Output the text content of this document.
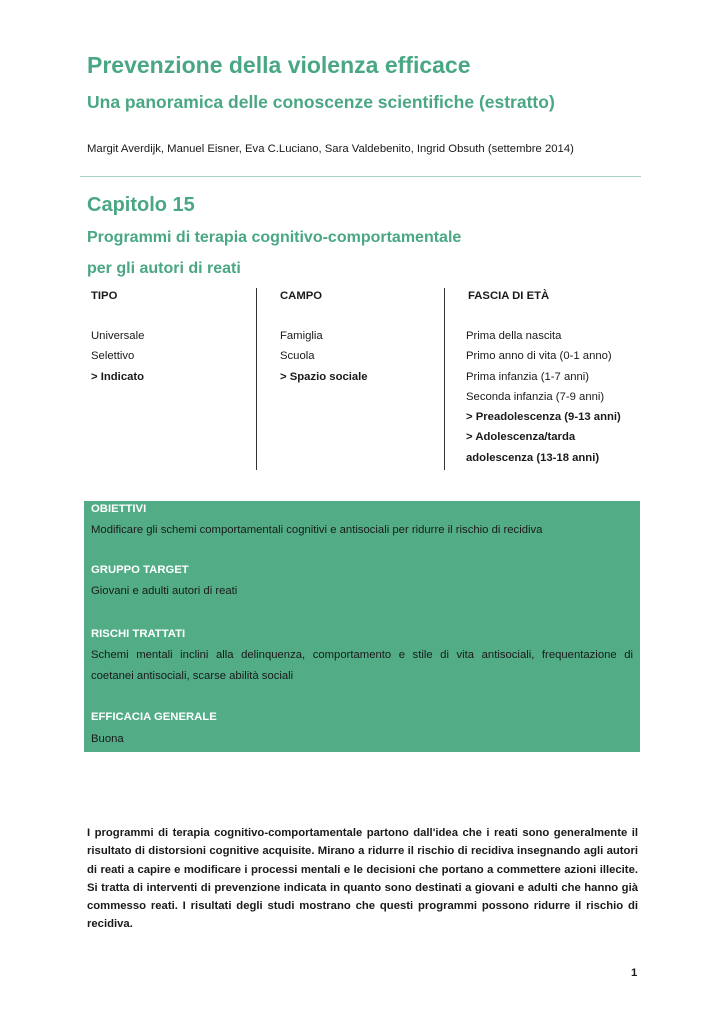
Prevenzione della violenza efficace
Una panoramica delle conoscenze scientifiche (estratto)
Margit Averdijk, Manuel Eisner, Eva C.Luciano, Sara Valdebenito, Ingrid Obsuth (settembre 2014)
Capitolo 15
Programmi di terapia cognitivo-comportamentale
per gli autori di reati
TIPO	CAMPO	FASCIA DI ETÀ
Universale
Selettivo
> Indicato
Famiglia
Scuola
> Spazio sociale
Prima della nascita
Primo anno di vita (0-1 anno)
Prima infanzia (1-7 anni)
Seconda infanzia (7-9 anni)
> Preadolescenza (9-13 anni)
> Adolescenza/tarda
adolescenza (13-18 anni)
OBIETTIVI
Modificare gli schemi comportamentali cognitivi e antisociali per ridurre il rischio di recidiva
GRUPPO TARGET
Giovani e adulti autori di reati
RISCHI TRATTATI
Schemi mentali inclini alla delinquenza, comportamento e stile di vita antisociali, frequentazione di
coetanei antisociali, scarse abilità sociali
EFFICACIA GENERALE
Buona
I programmi di terapia cognitivo-comportamentale partono dall'idea che i reati sono generalmente il risultato di distorsioni cognitive acquisite. Mirano a ridurre il rischio di recidiva insegnando agli autori di reati a capire e modificare i processi mentali e le decisioni che portano a commettere azioni illecite. Si tratta di interventi di prevenzione indicata in quanto sono destinati a giovani e adulti che hanno già commesso reati. I risultati degli studi mostrano che questi programmi possono ridurre il rischio di recidiva.
1
